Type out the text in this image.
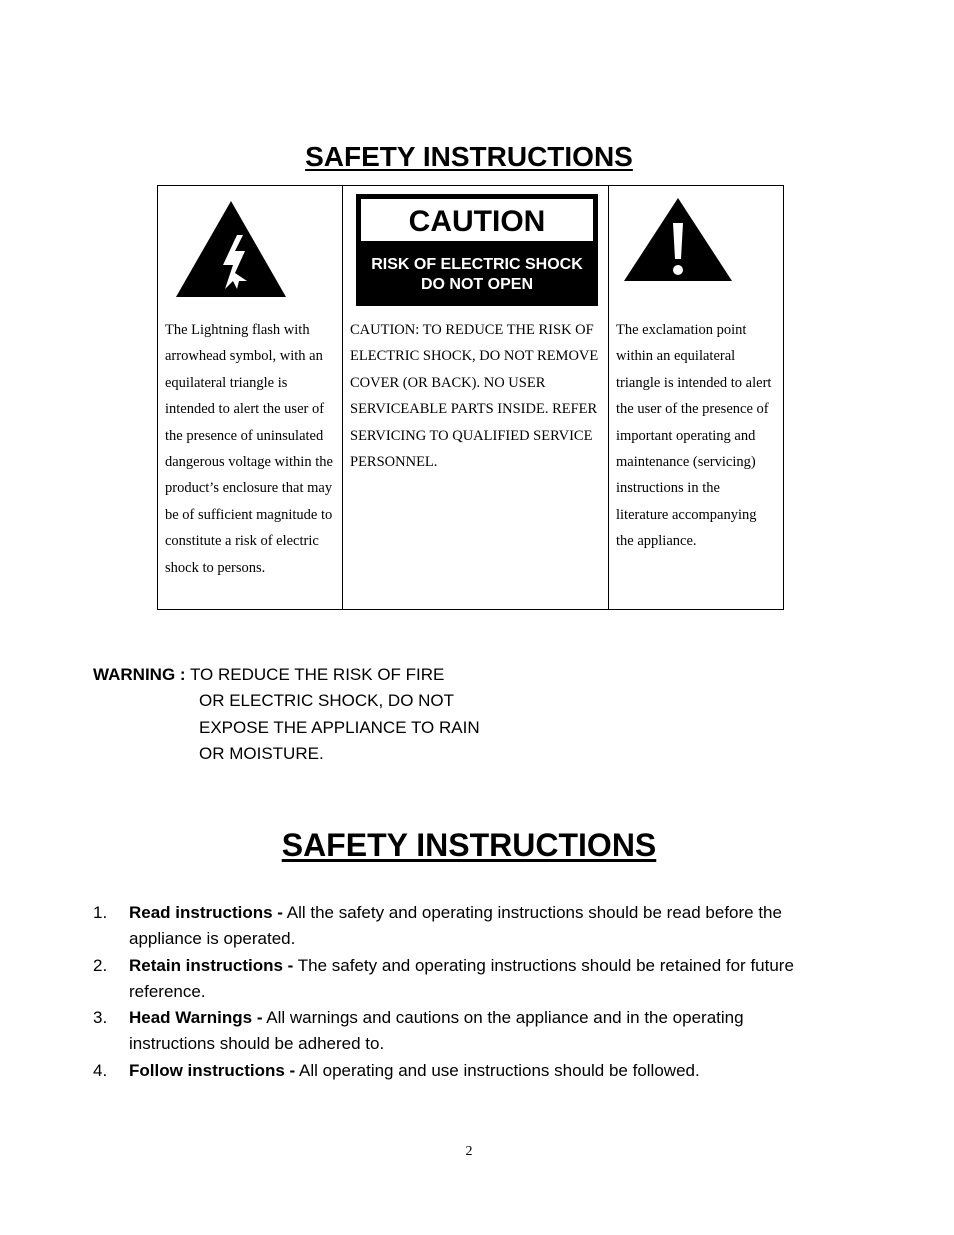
SAFETY INSTRUCTIONS
The Lightning flash with arrowhead symbol, with an equilateral triangle is intended to alert the user of the presence of uninsulated dangerous voltage within the product’s enclosure that may be of sufficient magnitude to constitute a risk of electric shock to persons.

CAUTION
RISK OF ELECTRIC SHOCK
DO NOT OPEN
CAUTION: TO REDUCE THE RISK OF ELECTRIC SHOCK, DO NOT REMOVE COVER (OR BACK). NO USER SERVICEABLE PARTS INSIDE. REFER SERVICING TO QUALIFIED SERVICE PERSONNEL.

The exclamation point within an equilateral triangle is intended to alert the user of the presence of important operating and maintenance (servicing) instructions in the literature accompanying the appliance.
WARNING : TO REDUCE THE RISK OF FIRE
OR ELECTRIC SHOCK, DO NOT
EXPOSE THE APPLIANCE TO RAIN
OR MOISTURE.
SAFETY INSTRUCTIONS
1. Read instructions - All the safety and operating instructions should be read before the appliance is operated.
2. Retain instructions - The safety and operating instructions should be retained for future reference.
3. Head Warnings - All warnings and cautions on the appliance and in the operating instructions should be adhered to.
4. Follow instructions - All operating and use instructions should be followed.
2
